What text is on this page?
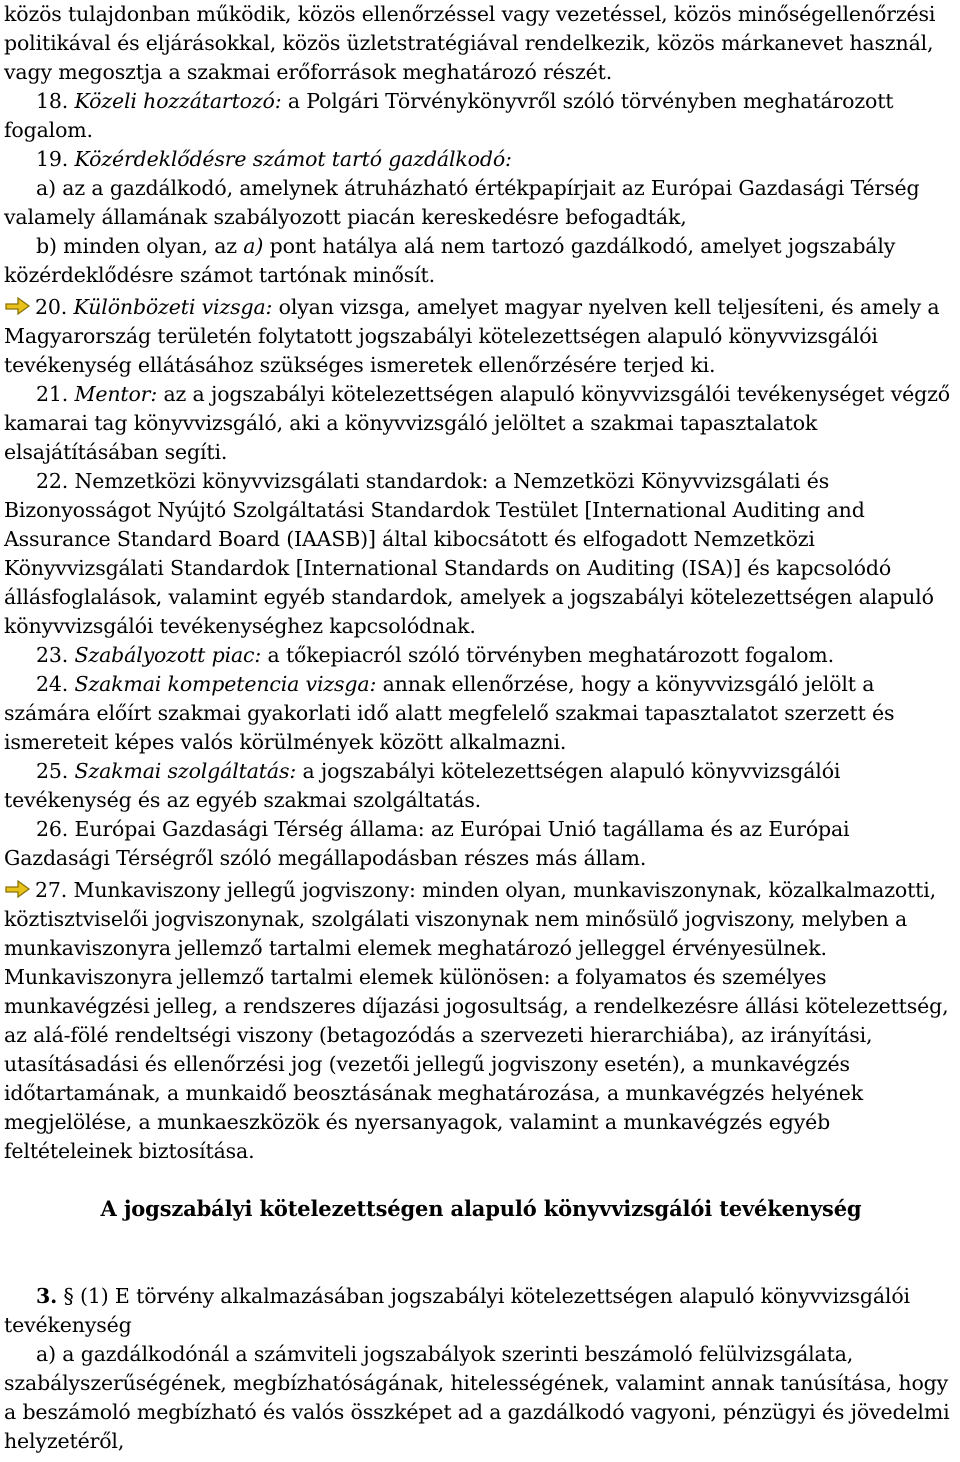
közös tulajdonban működik, közös ellenőrzéssel vagy vezetéssel, közös minőségellenőrzési politikával és eljárásokkal, közös üzletstratégiával rendelkezik, közös márkanevet használ, vagy megosztja a szakmai erőforrások meghatározó részét.

18. Közeli hozzátartozó: a Polgári Törvénykönyvről szóló törvényben meghatározott fogalom.

19. Közérdeklődésre számot tartó gazdálkodó:

a) az a gazdálkodó, amelynek átruházható értékpapírjait az Európai Gazdasági Térség valamely államának szabályozott piacán kereskedésre befogadták,

b) minden olyan, az a) pont hatálya alá nem tartozó gazdálkodó, amelyet jogszabály közérdeklődésre számot tartónak minősít.

20. Különbözeti vizsga: olyan vizsga, amelyet magyar nyelven kell teljesíteni, és amely a Magyarország területén folytatott jogszabályi kötelezettségen alapuló könyvvizsgálói tevékenység ellátásához szükséges ismeretek ellenőrzésére terjed ki.

21. Mentor: az a jogszabályi kötelezettségen alapuló könyvvizsgálói tevékenységet végző kamarai tag könyvvizsgáló, aki a könyvvizsgáló jelöltet a szakmai tapasztalatok elsajátításában segíti.

22. Nemzetközi könyvvizsgálati standardok: a Nemzetközi Könyvvizsgálati és Bizonyosságot Nyújtó Szolgáltatási Standardok Testület [International Auditing and Assurance Standard Board (IAASB)] által kibocsátott és elfogadott Nemzetközi Könyvvizsgálati Standardok [International Standards on Auditing (ISA)] és kapcsolódó állásfoglalások, valamint egyéb standardok, amelyek a jogszabályi kötelezettségen alapuló könyvvizsgálói tevékenységhez kapcsolódnak.

23. Szabályozott piac: a tőkepiacról szóló törvényben meghatározott fogalom.

24. Szakmai kompetencia vizsga: annak ellenőrzése, hogy a könyvvizsgáló jelölt a számára előírt szakmai gyakorlati idő alatt megfelelő szakmai tapasztalatot szerzett és ismereteit képes valós körülmények között alkalmazni.

25. Szakmai szolgáltatás: a jogszabályi kötelezettségen alapuló könyvvizsgálói tevékenység és az egyéb szakmai szolgáltatás.

26. Európai Gazdasági Térség állama: az Európai Unió tagállama és az Európai Gazdasági Térségről szóló megállapodásban részes más állam.

27. Munkaviszony jellegű jogviszony: minden olyan, munkaviszonynak, közalkalmazotti, köztisztviselői jogviszonynak, szolgálati viszonynak nem minősülő jogviszony, melyben a munkaviszonyra jellemző tartalmi elemek meghatározó jelleggel érvényesülnek. Munkaviszonyra jellemző tartalmi elemek különösen: a folyamatos és személyes munkavégzési jelleg, a rendszeres díjazási jogosultság, a rendelkezésre állási kötelezettség, az alá-fölé rendeltségi viszony (betagozódás a szervezeti hierarchiába), az irányítási, utasításadási és ellenőrzési jog (vezetői jellegű jogviszony esetén), a munkavégzés időtartamának, a munkaidő beosztásának meghatározása, a munkavégzés helyének megjelölése, a munkaeszközök és nyersanyagok, valamint a munkavégzés egyéb feltételeinek biztosítása.

A jogszabályi kötelezettségen alapuló könyvvizsgálói tevékenység

3. § (1) E törvény alkalmazásában jogszabályi kötelezettségen alapuló könyvvizsgálói tevékenység

a) a gazdálkodónál a számviteli jogszabályok szerinti beszámoló felülvizsgálata, szabályszerűségének, megbízhatóságának, hitelességének, valamint annak tanúsítása, hogy a beszámoló megbízható és valós összképet ad a gazdálkodó vagyoni, pénzügyi és jövedelmi helyzetéről,
